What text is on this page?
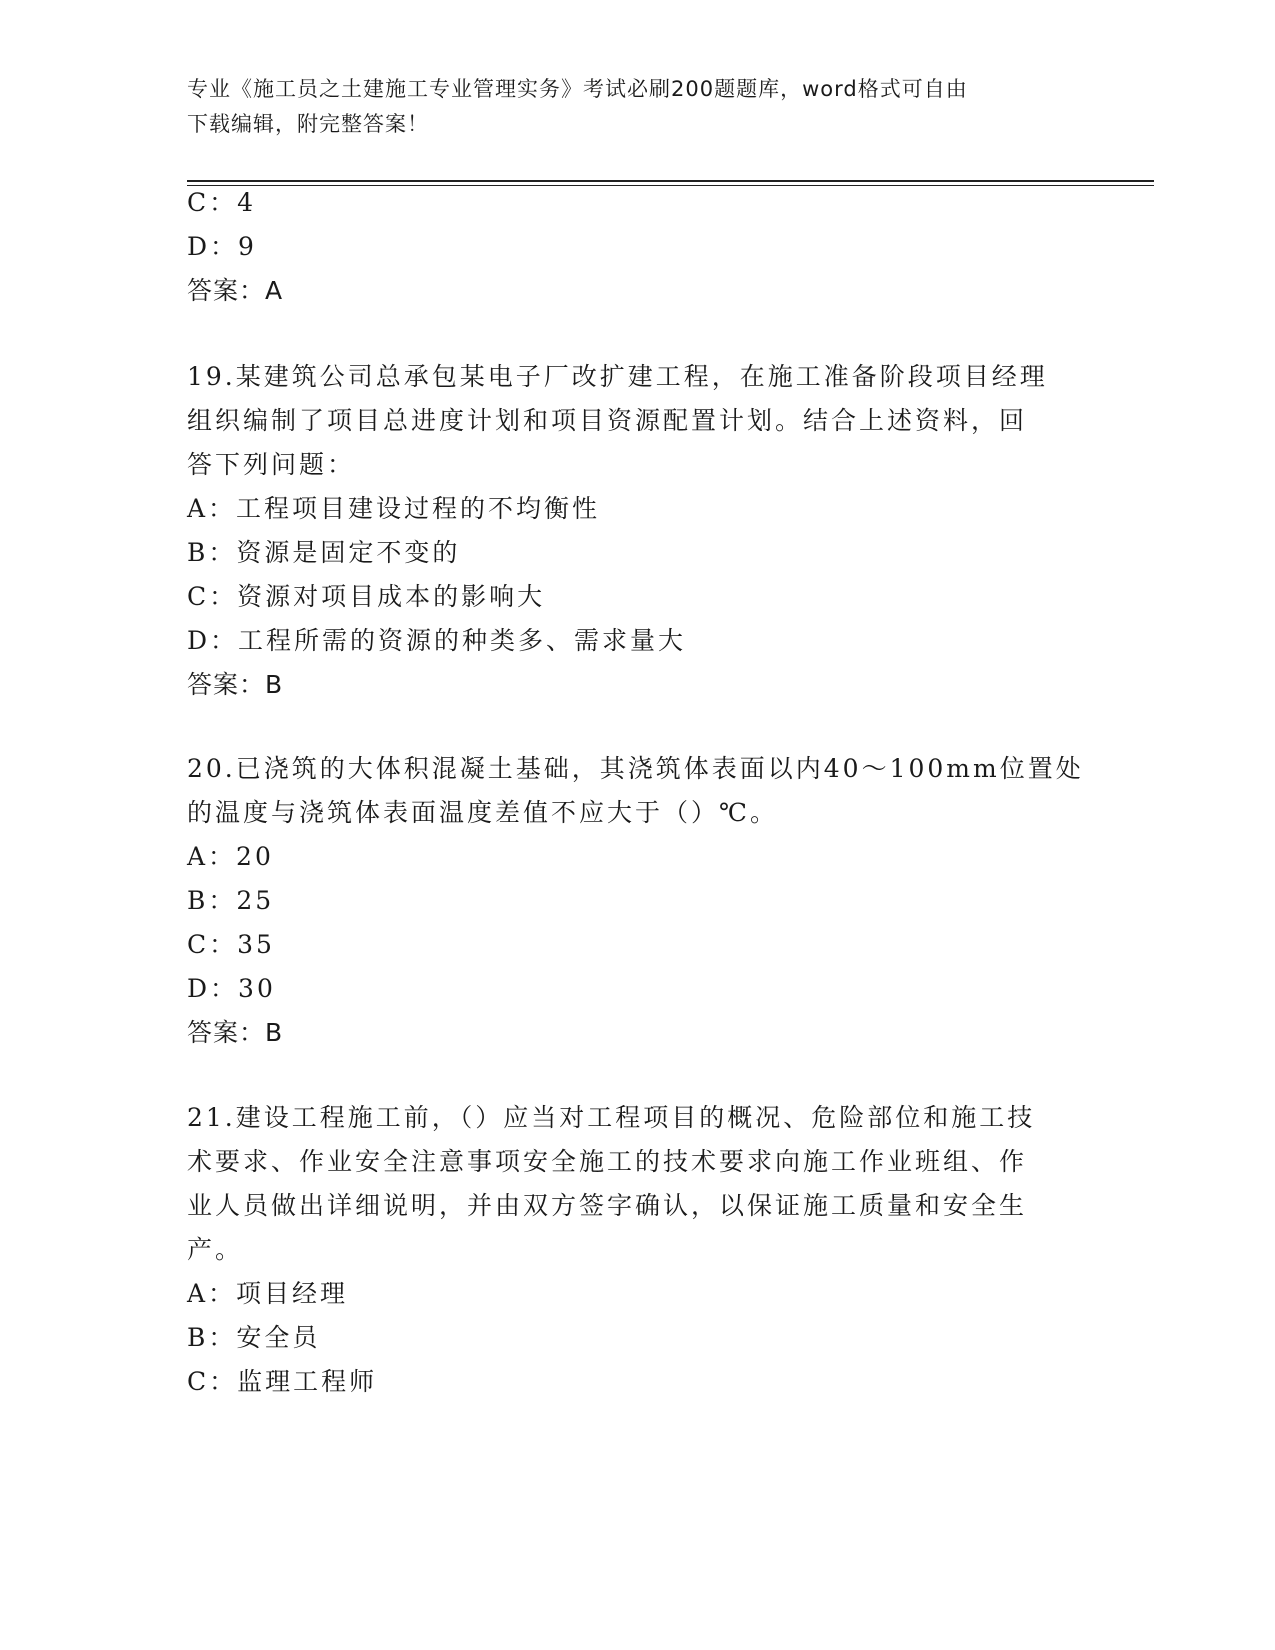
专业《施工员之土建施工专业管理实务》考试必刷200题题库，word格式可自由
下载编辑，附完整答案！
C：4
D：9
答案：A
19.某建筑公司总承包某电子厂改扩建工程，在施工准备阶段项目经理
组织编制了项目总进度计划和项目资源配置计划。结合上述资料，回
答下列问题：
A：工程项目建设过程的不均衡性
B：资源是固定不变的
C：资源对项目成本的影响大
D：工程所需的资源的种类多、需求量大
答案：B
20.已浇筑的大体积混凝土基础，其浇筑体表面以内40～100mm位置处
的温度与浇筑体表面温度差值不应大于（）℃。
A：20
B：25
C：35
D：30
答案：B
21.建设工程施工前，（）应当对工程项目的概况、危险部位和施工技
术要求、作业安全注意事项安全施工的技术要求向施工作业班组、作
业人员做出详细说明，并由双方签字确认，以保证施工质量和安全生
产。
A：项目经理
B：安全员
C：监理工程师
